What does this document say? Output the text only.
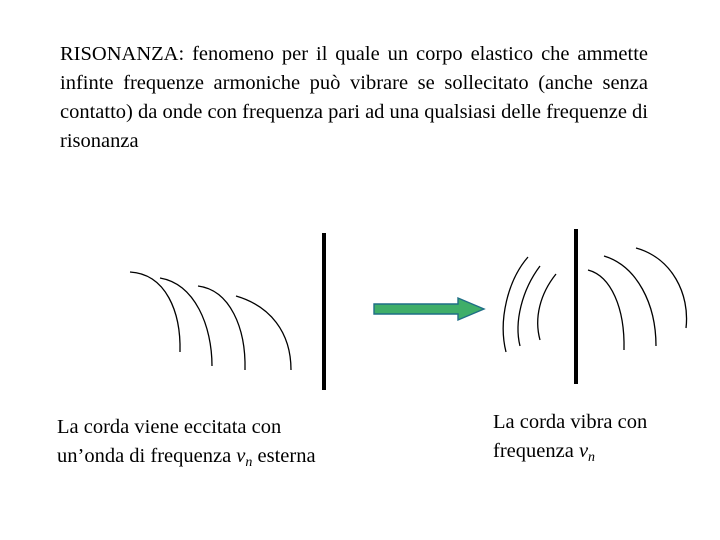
RISONANZA: fenomeno per il quale un corpo elastico che ammette infinte frequenze armoniche può vibrare se sollecitato (anche senza contatto) da onde con frequenza pari ad una qualsiasi delle frequenze di risonanza

La corda viene eccitata con
un’onda di frequenza $\nu_n$ esterna

La corda vibra con
frequenza $\nu_n$
